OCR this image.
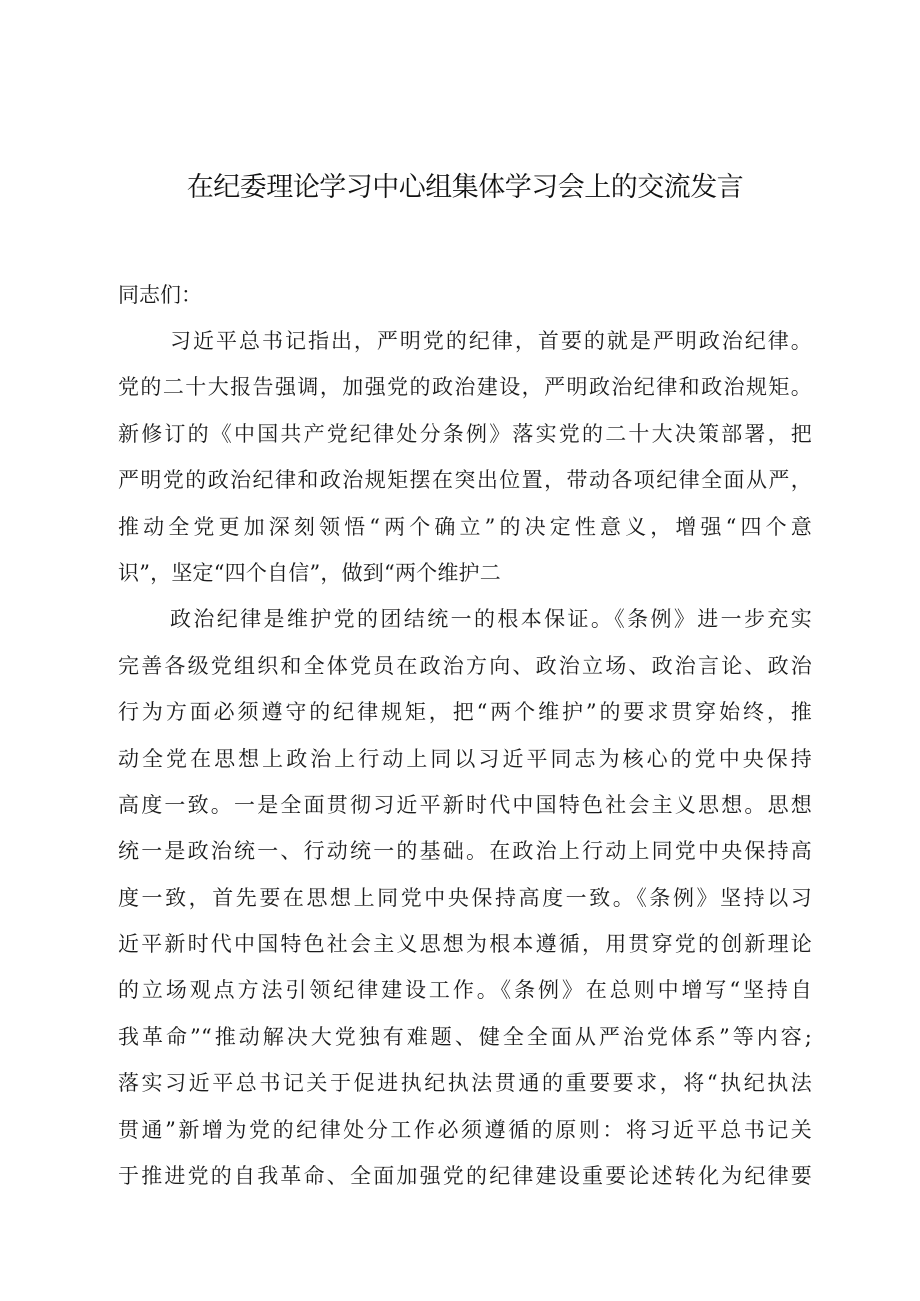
在纪委理论学习中心组集体学习会上的交流发言

同志们：

习近平总书记指出，严明党的纪律，首要的就是严明政治纪律。
党的二十大报告强调，加强党的政治建设，严明政治纪律和政治规矩。
新修订的《中国共产党纪律处分条例》落实党的二十大决策部署，把
严明党的政治纪律和政治规矩摆在突出位置，带动各项纪律全面从严，
推动全党更加深刻领悟“两个确立”的决定性意义，增强“四个意
识”，坚定“四个自信”，做到“两个维护二

政治纪律是维护党的团结统一的根本保证。《条例》进一步充实
完善各级党组织和全体党员在政治方向、政治立场、政治言论、政治
行为方面必须遵守的纪律规矩，把“两个维护”的要求贯穿始终，推
动全党在思想上政治上行动上同以习近平同志为核心的党中央保持
高度一致。一是全面贯彻习近平新时代中国特色社会主义思想。思想
统一是政治统一、行动统一的基础。在政治上行动上同党中央保持高
度一致，首先要在思想上同党中央保持高度一致。《条例》坚持以习
近平新时代中国特色社会主义思想为根本遵循，用贯穿党的创新理论
的立场观点方法引领纪律建设工作。《条例》在总则中增写“坚持自
我革命”“推动解决大党独有难题、健全全面从严治党体系”等内容;
落实习近平总书记关于促进执纪执法贯通的重要要求，将“执纪执法
贯通”新增为党的纪律处分工作必须遵循的原则：将习近平总书记关
于推进党的自我革命、全面加强党的纪律建设重要论述转化为纪律要
